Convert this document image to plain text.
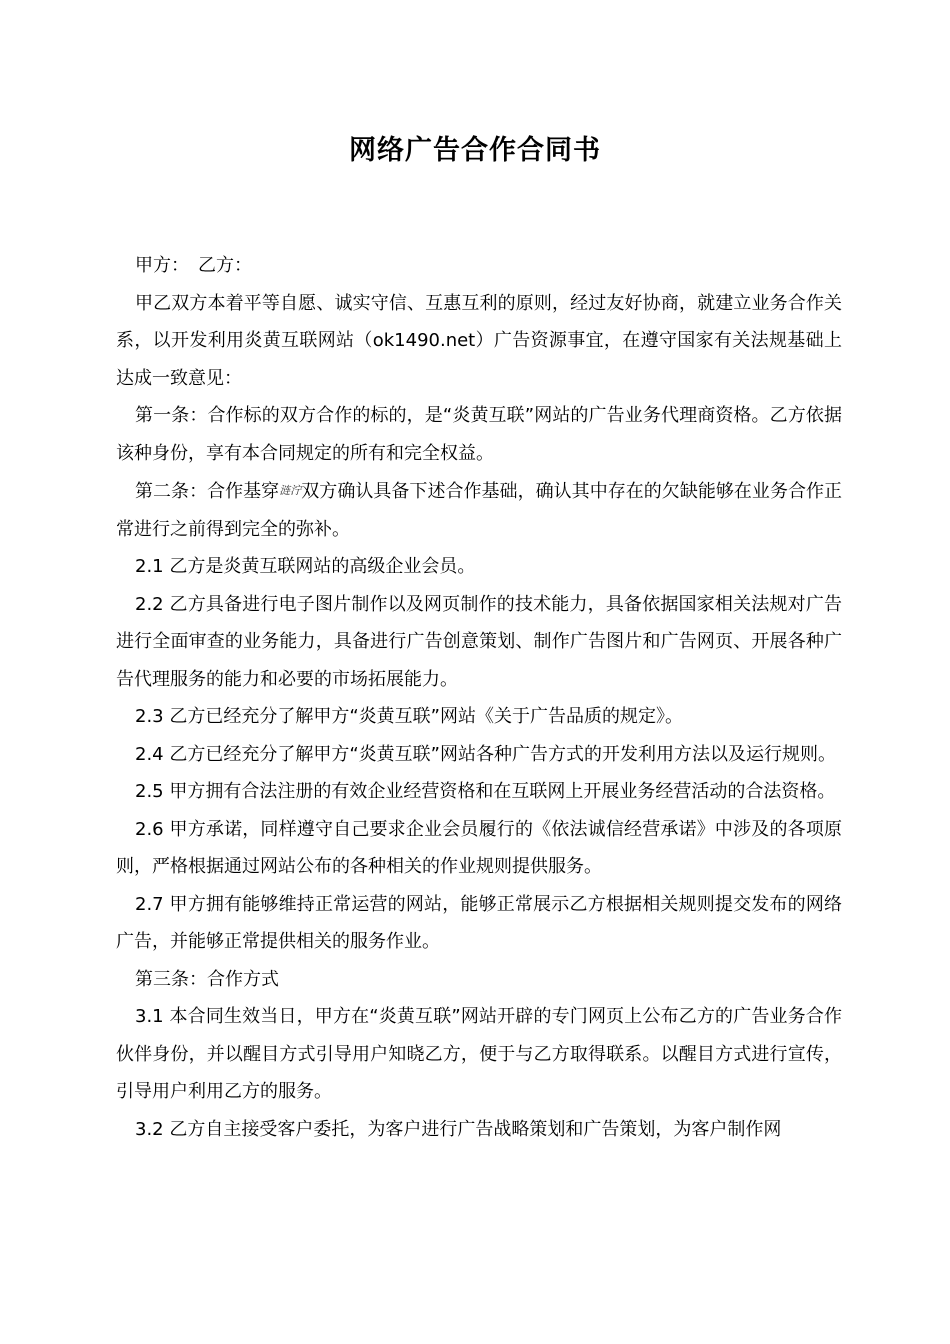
网络广告合作合同书

甲方：　乙方：

甲乙双方本着平等自愿、诚实守信、互惠互利的原则，经过友好协商，就建立业务合作关系，以开发利用炎黄互联网站（ok1490.net）广告资源事宜，在遵守国家有关法规基础上达成一致意见：

第一条：合作标的双方合作的标的，是“炎黄互联”网站的广告业务代理商资格。乙方依据该种身份，享有本合同规定的所有和完全权益。

第二条：合作基穿涟泞双方确认具备下述合作基础，确认其中存在的欠缺能够在业务合作正常进行之前得到完全的弥补。

2.1 乙方是炎黄互联网站的高级企业会员。

2.2 乙方具备进行电子图片制作以及网页制作的技术能力，具备依据国家相关法规对广告进行全面审查的业务能力，具备进行广告创意策划、制作广告图片和广告网页、开展各种广告代理服务的能力和必要的市场拓展能力。

2.3 乙方已经充分了解甲方“炎黄互联”网站《关于广告品质的规定》。

2.4 乙方已经充分了解甲方“炎黄互联”网站各种广告方式的开发利用方法以及运行规则。

2.5 甲方拥有合法注册的有效企业经营资格和在互联网上开展业务经营活动的合法资格。

2.6 甲方承诺，同样遵守自己要求企业会员履行的《依法诚信经营承诺》中涉及的各项原则，严格根据通过网站公布的各种相关的作业规则提供服务。

2.7 甲方拥有能够维持正常运营的网站，能够正常展示乙方根据相关规则提交发布的网络广告，并能够正常提供相关的服务作业。

第三条：合作方式

3.1 本合同生效当日，甲方在“炎黄互联”网站开辟的专门网页上公布乙方的广告业务合作伙伴身份，并以醒目方式引导用户知晓乙方，便于与乙方取得联系。以醒目方式进行宣传，引导用户利用乙方的服务。

3.2 乙方自主接受客户委托，为客户进行广告战略策划和广告策划，为客户制作网
